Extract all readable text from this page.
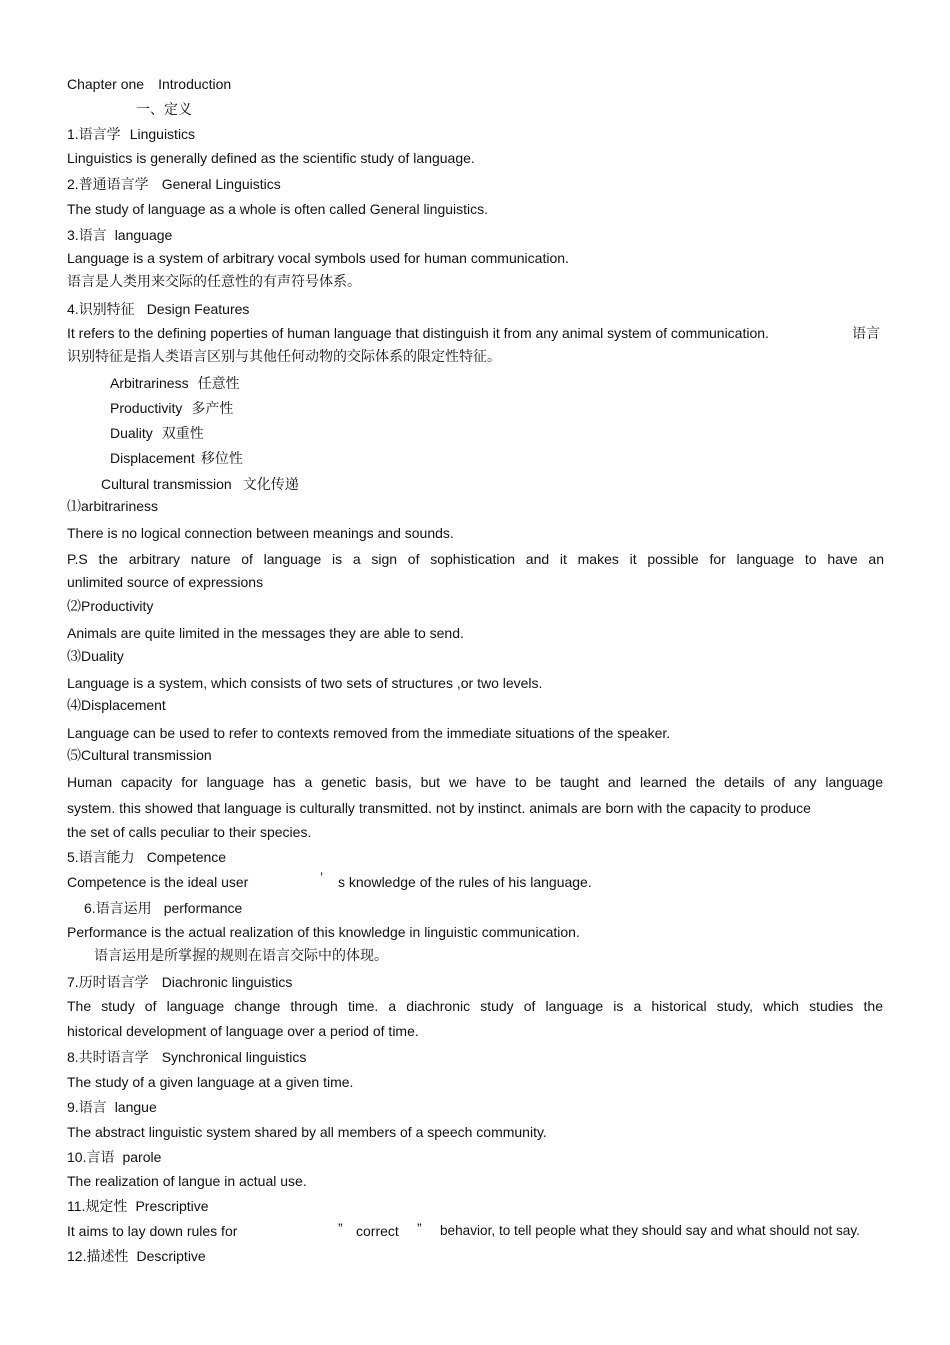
Chapter one Introduction
一、定义
1.语言学 Linguistics
Linguistics is generally defined as the scientific study of language.
2.普通语言学 General Linguistics
The study of language as a whole is often called General linguistics.
3.语言 language
Language is a system of arbitrary vocal symbols used for human communication.
语言是人类用来交际的任意性的有声符号体系。
4.识别特征 Design Features
It refers to the defining poperties of human language that distinguish it from any animal system of communication.	语言
识别特征是指人类语言区别与其他任何动物的交际体系的限定性特征。
Arbitrariness 任意性
Productivity 多产性
Duality 双重性
Displacement 移位性
Cultural transmission 文化传递
⑴arbitrariness
There is no logical connection between meanings and sounds.
P.S the arbitrary nature of language is a sign of sophistication and it makes it possible for language to have an
unlimited source of expressions
⑵Productivity
Animals are quite limited in the messages they are able to send.
⑶Duality
Language is a system, which consists of two sets of structures ,or two levels.
⑷Displacement
Language can be used to refer to contexts removed from the immediate situations of the speaker.
⑸Cultural transmission
Human capacity for language has a genetic basis, but we have to be taught and learned the details of any language
system. this showed that language is culturally transmitted. not by instinct. animals are born with the capacity to produce
the set of calls peculiar to their species.
5.语言能力 Competence
Competence is the ideal user	’ s knowledge of the rules of his language.
6.语言运用 performance
Performance is the actual realization of this knowledge in linguistic communication.
语言运用是所掌握的规则在语言交际中的体现。
7.历时语言学 Diachronic linguistics
The study of language change through time. a diachronic study of language is a historical study, which studies the
historical development of language over a period of time.
8.共时语言学 Synchronical linguistics
The study of a given language at a given time.
9.语言 langue
The abstract linguistic system shared by all members of a speech community.
10.言语 parole
The realization of langue in actual use.
11.规定性 Prescriptive
It aims to lay down rules for	” correct ” behavior, to tell people what they should say and what should not say.
12.描述性 Descriptive
